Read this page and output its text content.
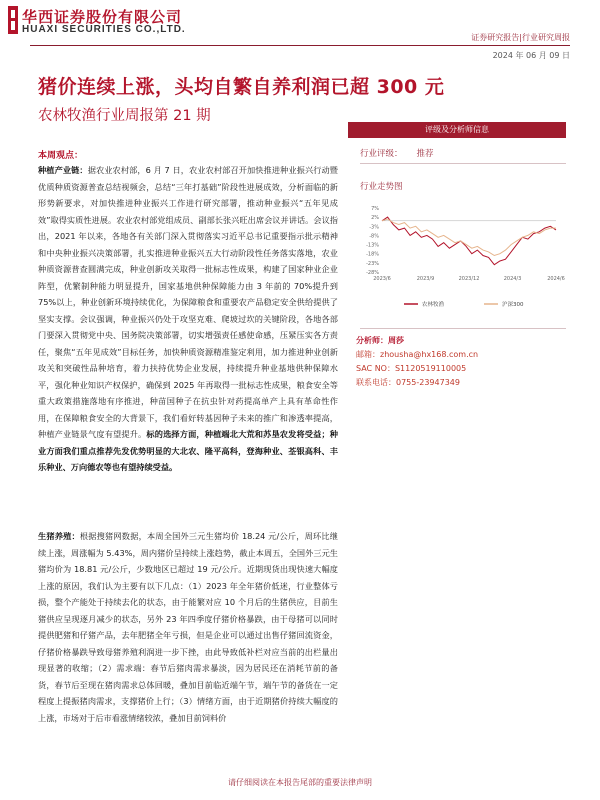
华西证券股份有限公司
HUAXI SECURITIES CO.,LTD.
证券研究报告|行业研究周报
2024 年 06 月 09 日
猪价连续上涨，头均自繁自养利润已超 300 元
农林牧渔行业周报第 21 期
本周观点：
种植产业链：据农业农村部，6 月 7 日，农业农村部召开加快推进种业振兴行动暨优质种质资源普查总结视频会，总结“三年打基础”阶段性进展成效，分析面临的新形势新要求，对加快推进种业振兴工作进行研究部署，推动种业振兴“五年见成效”取得实质性进展。农业农村部党组成员、副部长张兴旺出席会议并讲话。会议指出，2021 年以来，各地各有关部门深入贯彻落实习近平总书记重要指示批示精神和中央种业振兴决策部署，扎实推进种业振兴五大行动阶段性任务落实落地，农业种质资源普查圆满完成，种业创新攻关取得一批标志性成果，构建了国家种业企业阵型，优繁制种能力明显提升，国家基地供种保障能力由 3 年前的 70%提升到 75%以上，种业创新环境持续优化，为保障粮食和重要农产品稳定安全供给提供了坚实支撑。会议强调，种业振兴仍处于攻坚克难、爬坡过坎的关键阶段，各地各部门要深入贯彻党中央、国务院决策部署，切实增强责任感使命感，压紧压实各方责任，聚焦“五年见成效”目标任务，加快种质资源精准鉴定利用，加力推进种业创新攻关和突破性品种培育，着力扶持优势企业发展，持续提升种业基地供种保障水平，强化种业知识产权保护，确保到 2025 年再取得一批标志性成果，粮食安全等重大政策措施落地有序推进，种苗国种子在抗虫针对药提高单产上具有革命性作用，在保障粮食安全的大背景下，我们看好转基因种子未来的推广和渗透率提高，种植产业链景气度有望提升。标的选择方面，种植端北大荒和苏垦农发将受益；种业方面我们重点推荐先发优势明显的大北农、隆平高科，登海种业、荃银高科、丰乐种业、万向德农等也有望持续受益。
生猪养殖：根据搜猪网数据，本周全国外三元生猪均价 18.24 元/公斤，周环比继续上涨，周涨幅为 5.43%，周内猪价呈持续上涨趋势，截止本周五，全国外三元生猪均价为 18.81 元/公斤，少数地区已超过 19 元/公斤。近期现货出现快速大幅度上涨的原因，我们认为主要有以下几点：（1）2023 年全年猪价低迷，行业整体亏损，整个产能处于持续去化的状态，由于能繁对应 10 个月后的生猪供应，目前生猪供应呈现逐月减少的状态，另外 23 年四季度仔猪价格暴跌，由于母猪可以同时提供肥猪和仔猪产品，去年肥猪全年亏损，但是企业可以通过出售仔猪回流资金，仔猪价格暴跌导致母猪养殖利润进一步下挫，由此导致低补栏对应当前的出栏量出现显著的收缩；（2）需求端：春节后猪肉需求暴淡，因为居民还在消耗节前的备货，春节后至现在猪肉需求总体回暖，叠加目前临近端午节，端午节的备货在一定程度上提振猪肉需求，支撑猪价上行；（3）情绪方面，由于近期猪价持续大幅度的上涨，市场对于后市看涨情绪较浓，叠加目前饲料价
评级及分析师信息
行业评级： 推荐
行业走势图
7%
2%
-3%
-8%
-13%
-18%
-23%
-28%
2023/6	2023/9	2023/12	2024/3	2024/6
农林牧渔	沪深300
分析师：周莎
邮箱：zhousha@hx168.com.cn
SAC NO：S1120519110005
联系电话：0755-23947349
请仔细阅读在本报告尾部的重要法律声明
